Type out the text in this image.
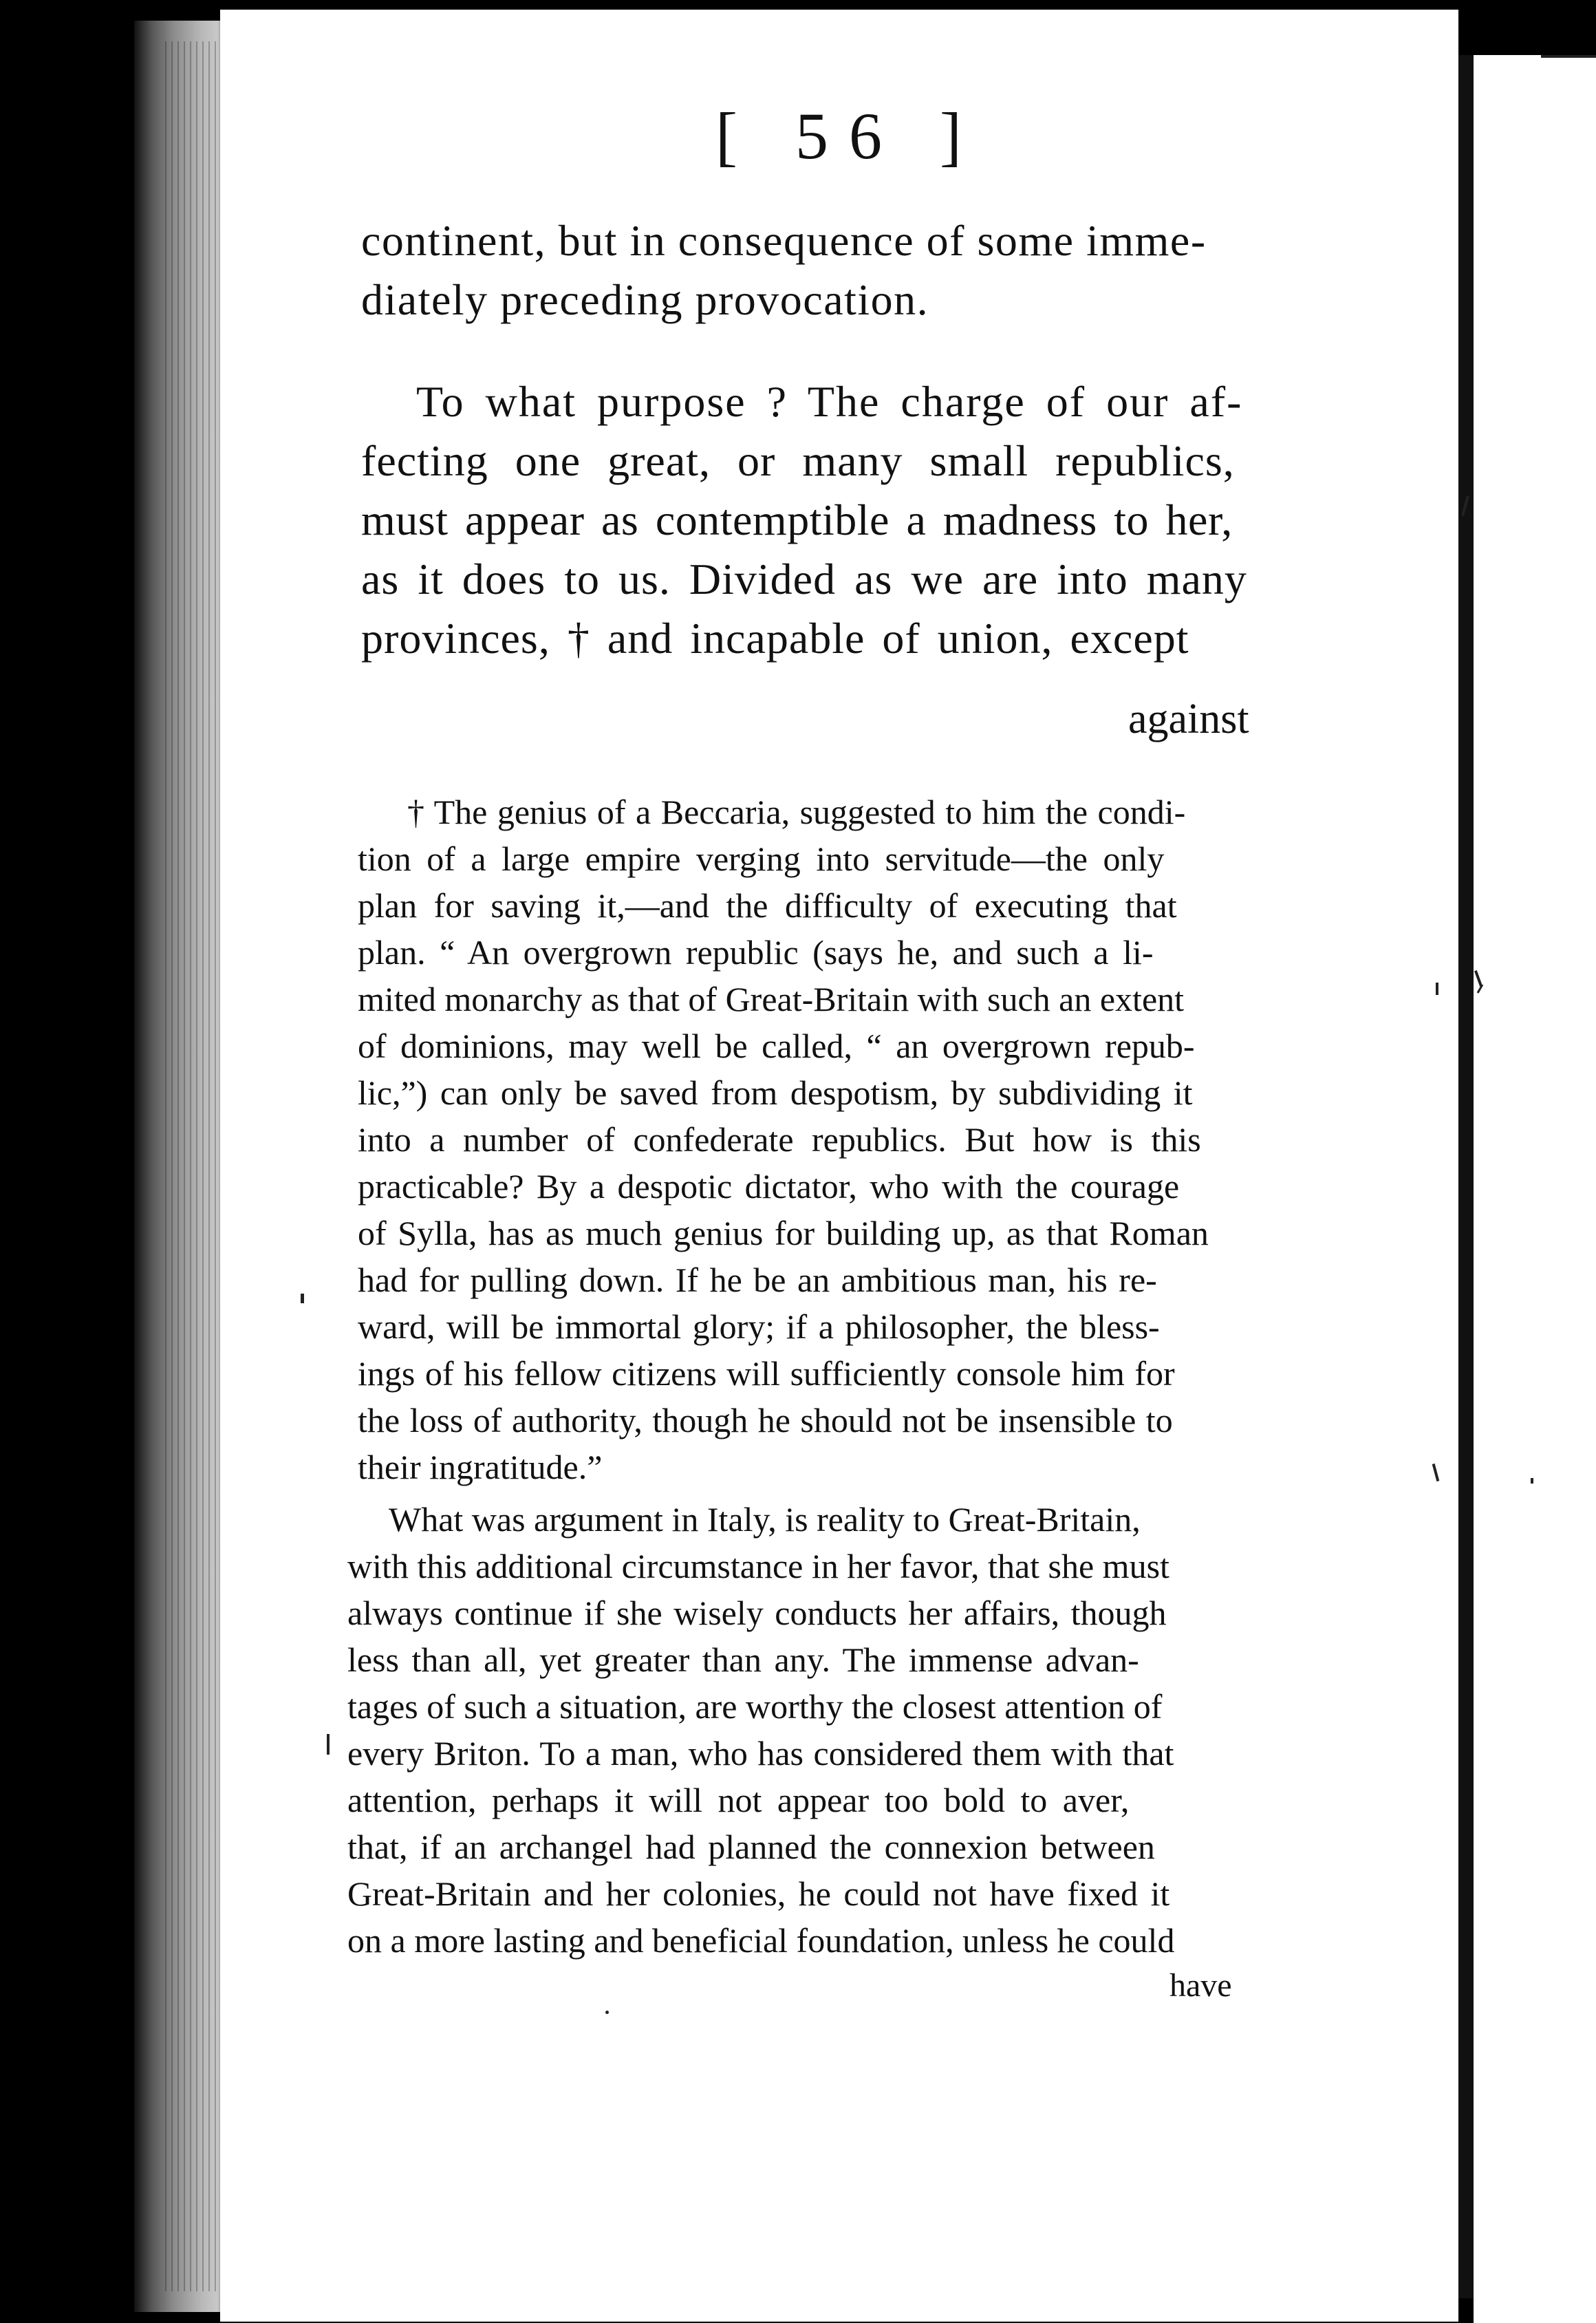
[ 56 ]
continent, but in consequence of some imme-
diately preceding provocation.
To what purpose ? The charge of our af-
fecting one great, or many small republics,
must appear as contemptible a madness to her,
as it does to us. Divided as we are into many
provinces, † and incapable of union, except
against
† The genius of a Beccaria, suggested to him the condi-
tion of a large empire verging into servitude—the only
plan for saving it,—and the difficulty of executing that
plan. “ An overgrown republic (says he, and such a li-
mited monarchy as that of Great-Britain with such an extent
of dominions, may well be called, “ an overgrown repub-
lic,”) can only be saved from despotism, by subdividing it
into a number of confederate republics. But how is this
practicable? By a despotic dictator, who with the courage
of Sylla, has as much genius for building up, as that Roman
had for pulling down. If he be an ambitious man, his re-
ward, will be immortal glory; if a philosopher, the bless-
ings of his fellow citizens will sufficiently console him for
the loss of authority, though he should not be insensible to
their ingratitude.”
What was argument in Italy, is reality to Great-Britain,
with this additional circumstance in her favor, that she must
always continue if she wisely conducts her affairs, though
less than all, yet greater than any. The immense advan-
tages of such a situation, are worthy the closest attention of
every Briton. To a man, who has considered them with that
attention, perhaps it will not appear too bold to aver,
that, if an archangel had planned the connexion between
Great-Britain and her colonies, he could not have fixed it
on a more lasting and beneficial foundation, unless he could
have
